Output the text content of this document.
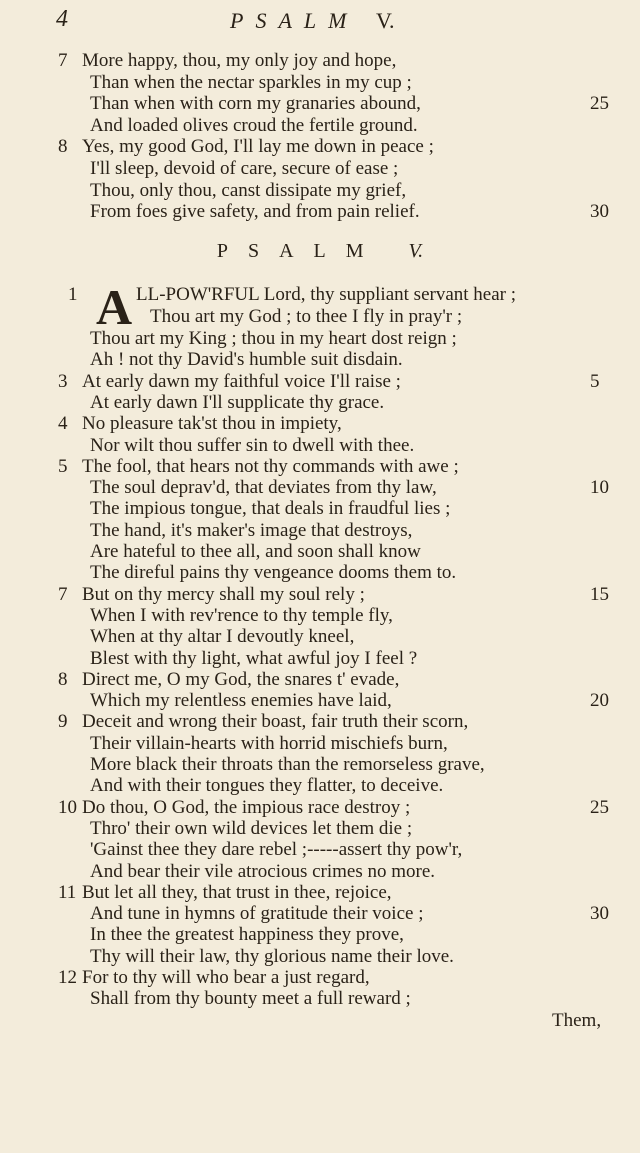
4	PSALM V.
7 More happy, thou, my only joy and hope,
Than when the nectar sparkles in my cup ;
Than when with corn my granaries abound,	25
And loaded olives croud the fertile ground.
8 Yes, my good God, I'll lay me down in peace ;
I'll sleep, devoid of care, secure of ease ;
Thou, only thou, canst dissipate my grief,
From foes give safety, and from pain relief.	30
PSALM V.
A
1	LL-POW'RFUL Lord, thy suppliant servant hear ;
Thou art my God ; to thee I fly in pray'r ;
Thou art my King ; thou in my heart dost reign ;
Ah ! not thy David's humble suit disdain.
3 At early dawn my faithful voice I'll raise ;	5
At early dawn I'll supplicate thy grace.
4 No pleasure tak'st thou in impiety,
Nor wilt thou suffer sin to dwell with thee.
5 The fool, that hears not thy commands with awe ;
The soul deprav'd, that deviates from thy law,	10
The impious tongue, that deals in fraudful lies ;
The hand, it's maker's image that destroys,
Are hateful to thee all, and soon shall know
The direful pains thy vengeance dooms them to.
7 But on thy mercy shall my soul rely ;	15
When I with rev'rence to thy temple fly,
When at thy altar I devoutly kneel,
Blest with thy light, what awful joy I feel ?
8 Direct me, O my God, the snares t' evade,
Which my relentless enemies have laid,	20
9 Deceit and wrong their boast, fair truth their scorn,
Their villain-hearts with horrid mischiefs burn,
More black their throats than the remorseless grave,
And with their tongues they flatter, to deceive.
10 Do thou, O God, the impious race destroy ;	25
Thro' their own wild devices let them die ;
'Gainst thee they dare rebel ;-----assert thy pow'r,
And bear their vile atrocious crimes no more.
11 But let all they, that trust in thee, rejoice,
And tune in hymns of gratitude their voice ;	30
In thee the greatest happiness they prove,
Thy will their law, thy glorious name their love.
12 For to thy will who bear a just regard,
Shall from thy bounty meet a full reward ;
Them,
